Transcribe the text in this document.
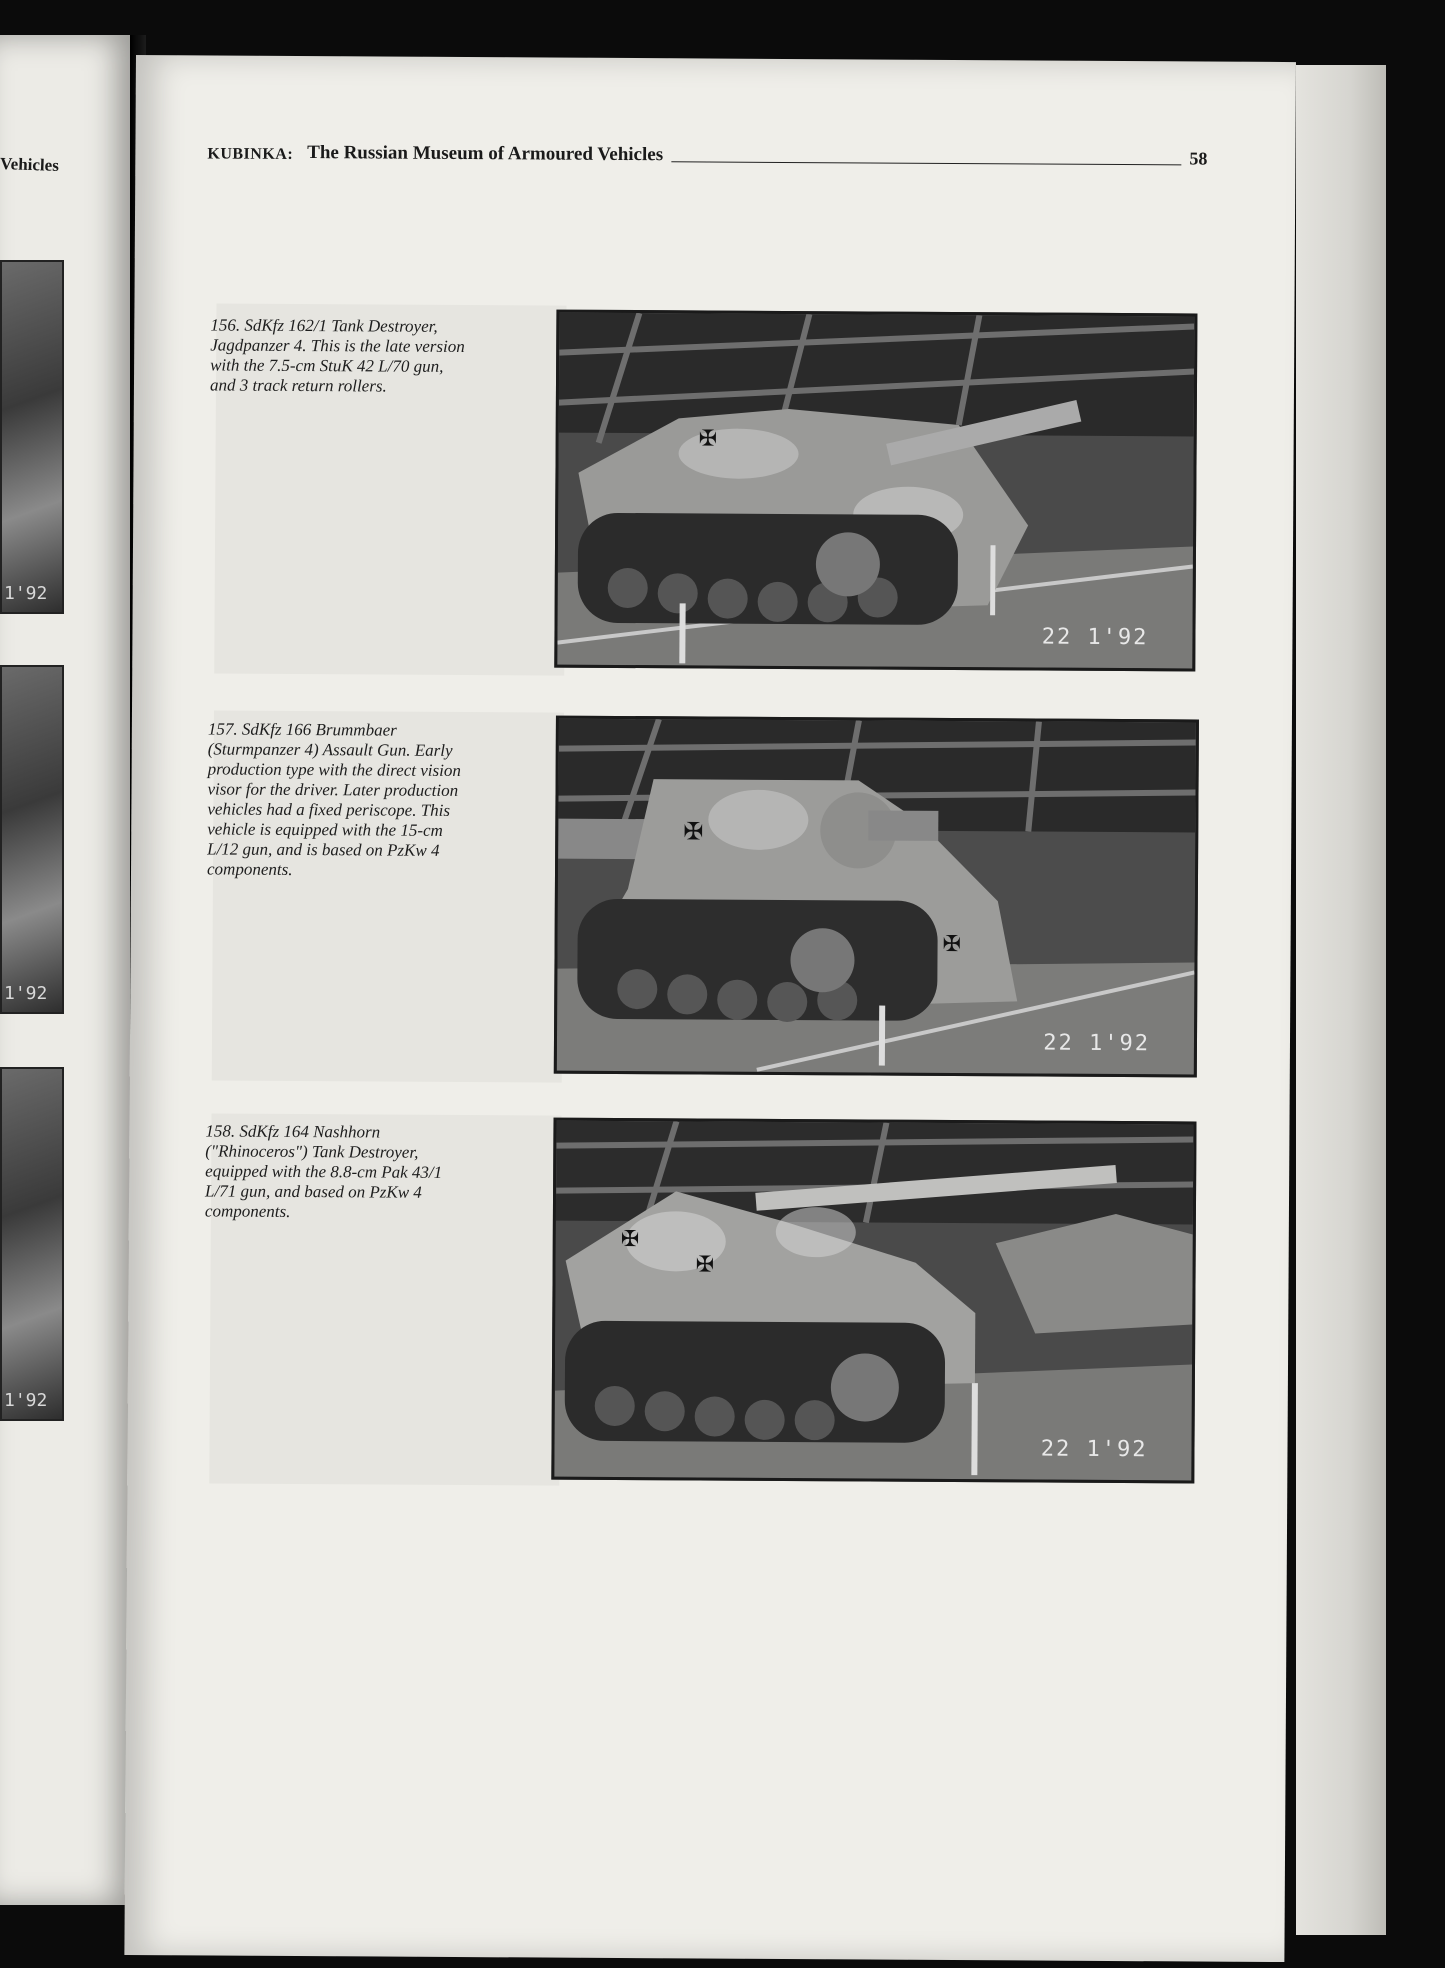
Vehicles
1'92
1'92
1'92
KUBINKA: The Russian Museum of Armoured Vehicles	58
156. SdKfz 162/1 Tank Destroyer,
Jagdpanzer 4. This is the late version
with the 7.5-cm StuK 42 L/70 gun,
and 3 track return rollers.
✠
22 1'92
157. SdKfz 166 Brummbaer
(Sturmpanzer 4) Assault Gun. Early
production type with the direct vision
visor for the driver. Later production
vehicles had a fixed periscope. This
vehicle is equipped with the 15-cm
L/12 gun, and is based on PzKw 4
components.
✠
✠
22 1'92
158. SdKfz 164 Nashhorn
("Rhinoceros") Tank Destroyer,
equipped with the 8.8-cm Pak 43/1
L/71 gun, and based on PzKw 4
components.
✠
✠
22 1'92
